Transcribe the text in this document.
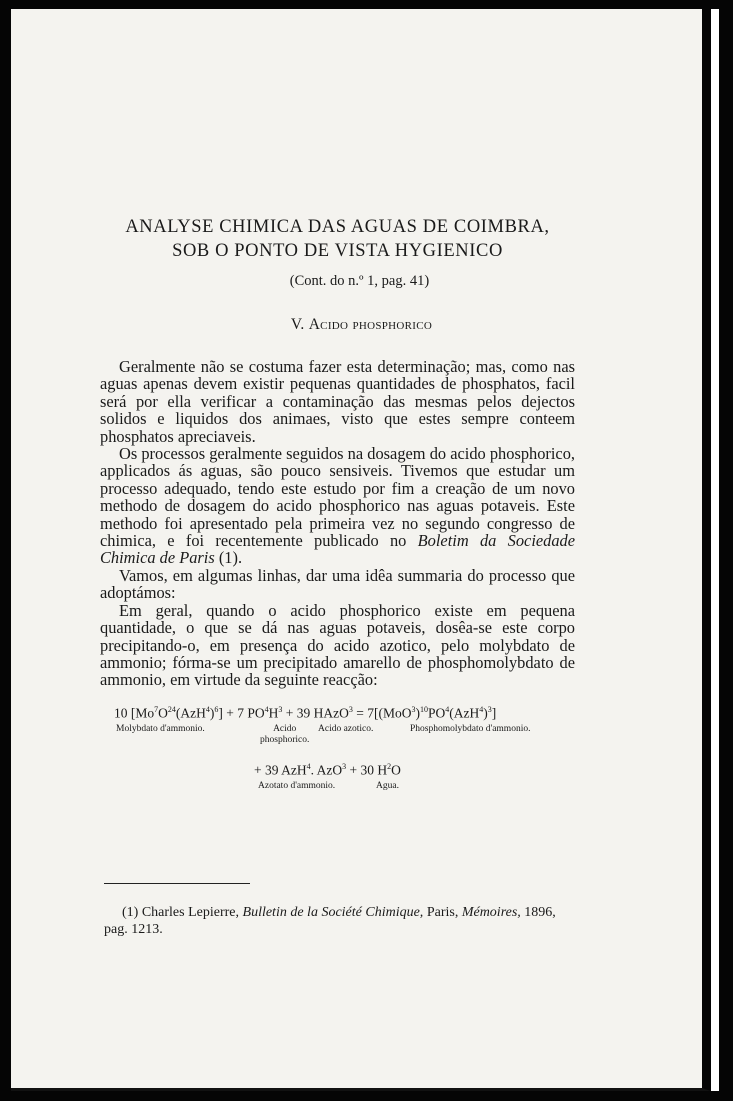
ANALYSE CHIMICA DAS AGUAS DE COIMBRA,
SOB O PONTO DE VISTA HYGIENICO
(Cont. do n.º 1, pag. 41)
V. Acido phosphorico

Geralmente não se costuma fazer esta determinação; mas, como nas aguas apenas devem existir pequenas quantidades de phosphatos, facil será por ella verificar a contaminação das mesmas pelos dejectos solidos e liquidos dos animaes, visto que estes sempre conteem phosphatos apreciaveis.

Os processos geralmente seguidos na dosagem do acido phosphorico, applicados ás aguas, são pouco sensiveis. Tivemos que estudar um processo adequado, tendo este estudo por fim a creação de um novo methodo de dosagem do acido phosphorico nas aguas potaveis. Este methodo foi apresentado pela primeira vez no segundo congresso de chimica, e foi recentemente publicado no Boletim da Sociedade Chimica de Paris (1).

Vamos, em algumas linhas, dar uma idêa summaria do processo que adoptámos:

Em geral, quando o acido phosphorico existe em pequena quantidade, o que se dá nas aguas potaveis, dosêa-se este corpo precipitando-o, em presença do acido azotico, pelo molybdato de ammonio; fórma-se um precipitado amarello de phosphomolybdato de ammonio, em virtude da seguinte reacção:

10 $[Mo^7O^{24}(AzH^4)^6] + 7$ $PO^4H^3 + 39$ HAzO$^3$ = $7[(MoO^3)^{10}PO^4(AzH^4)^3]$
Molybdato d'ammonio.	Acido
phosphorico.
Acido azotico.	Phosphomolybdato d'ammonio.
+ 39 AzH$^4$. AzO$^3$ + 30 $H^2O$
Azotato d'ammonio.	Agua.
(1) Charles Lepierre, Bulletin de la Société Chimique, Paris, Mémoires, 1896, pag. 1213.
